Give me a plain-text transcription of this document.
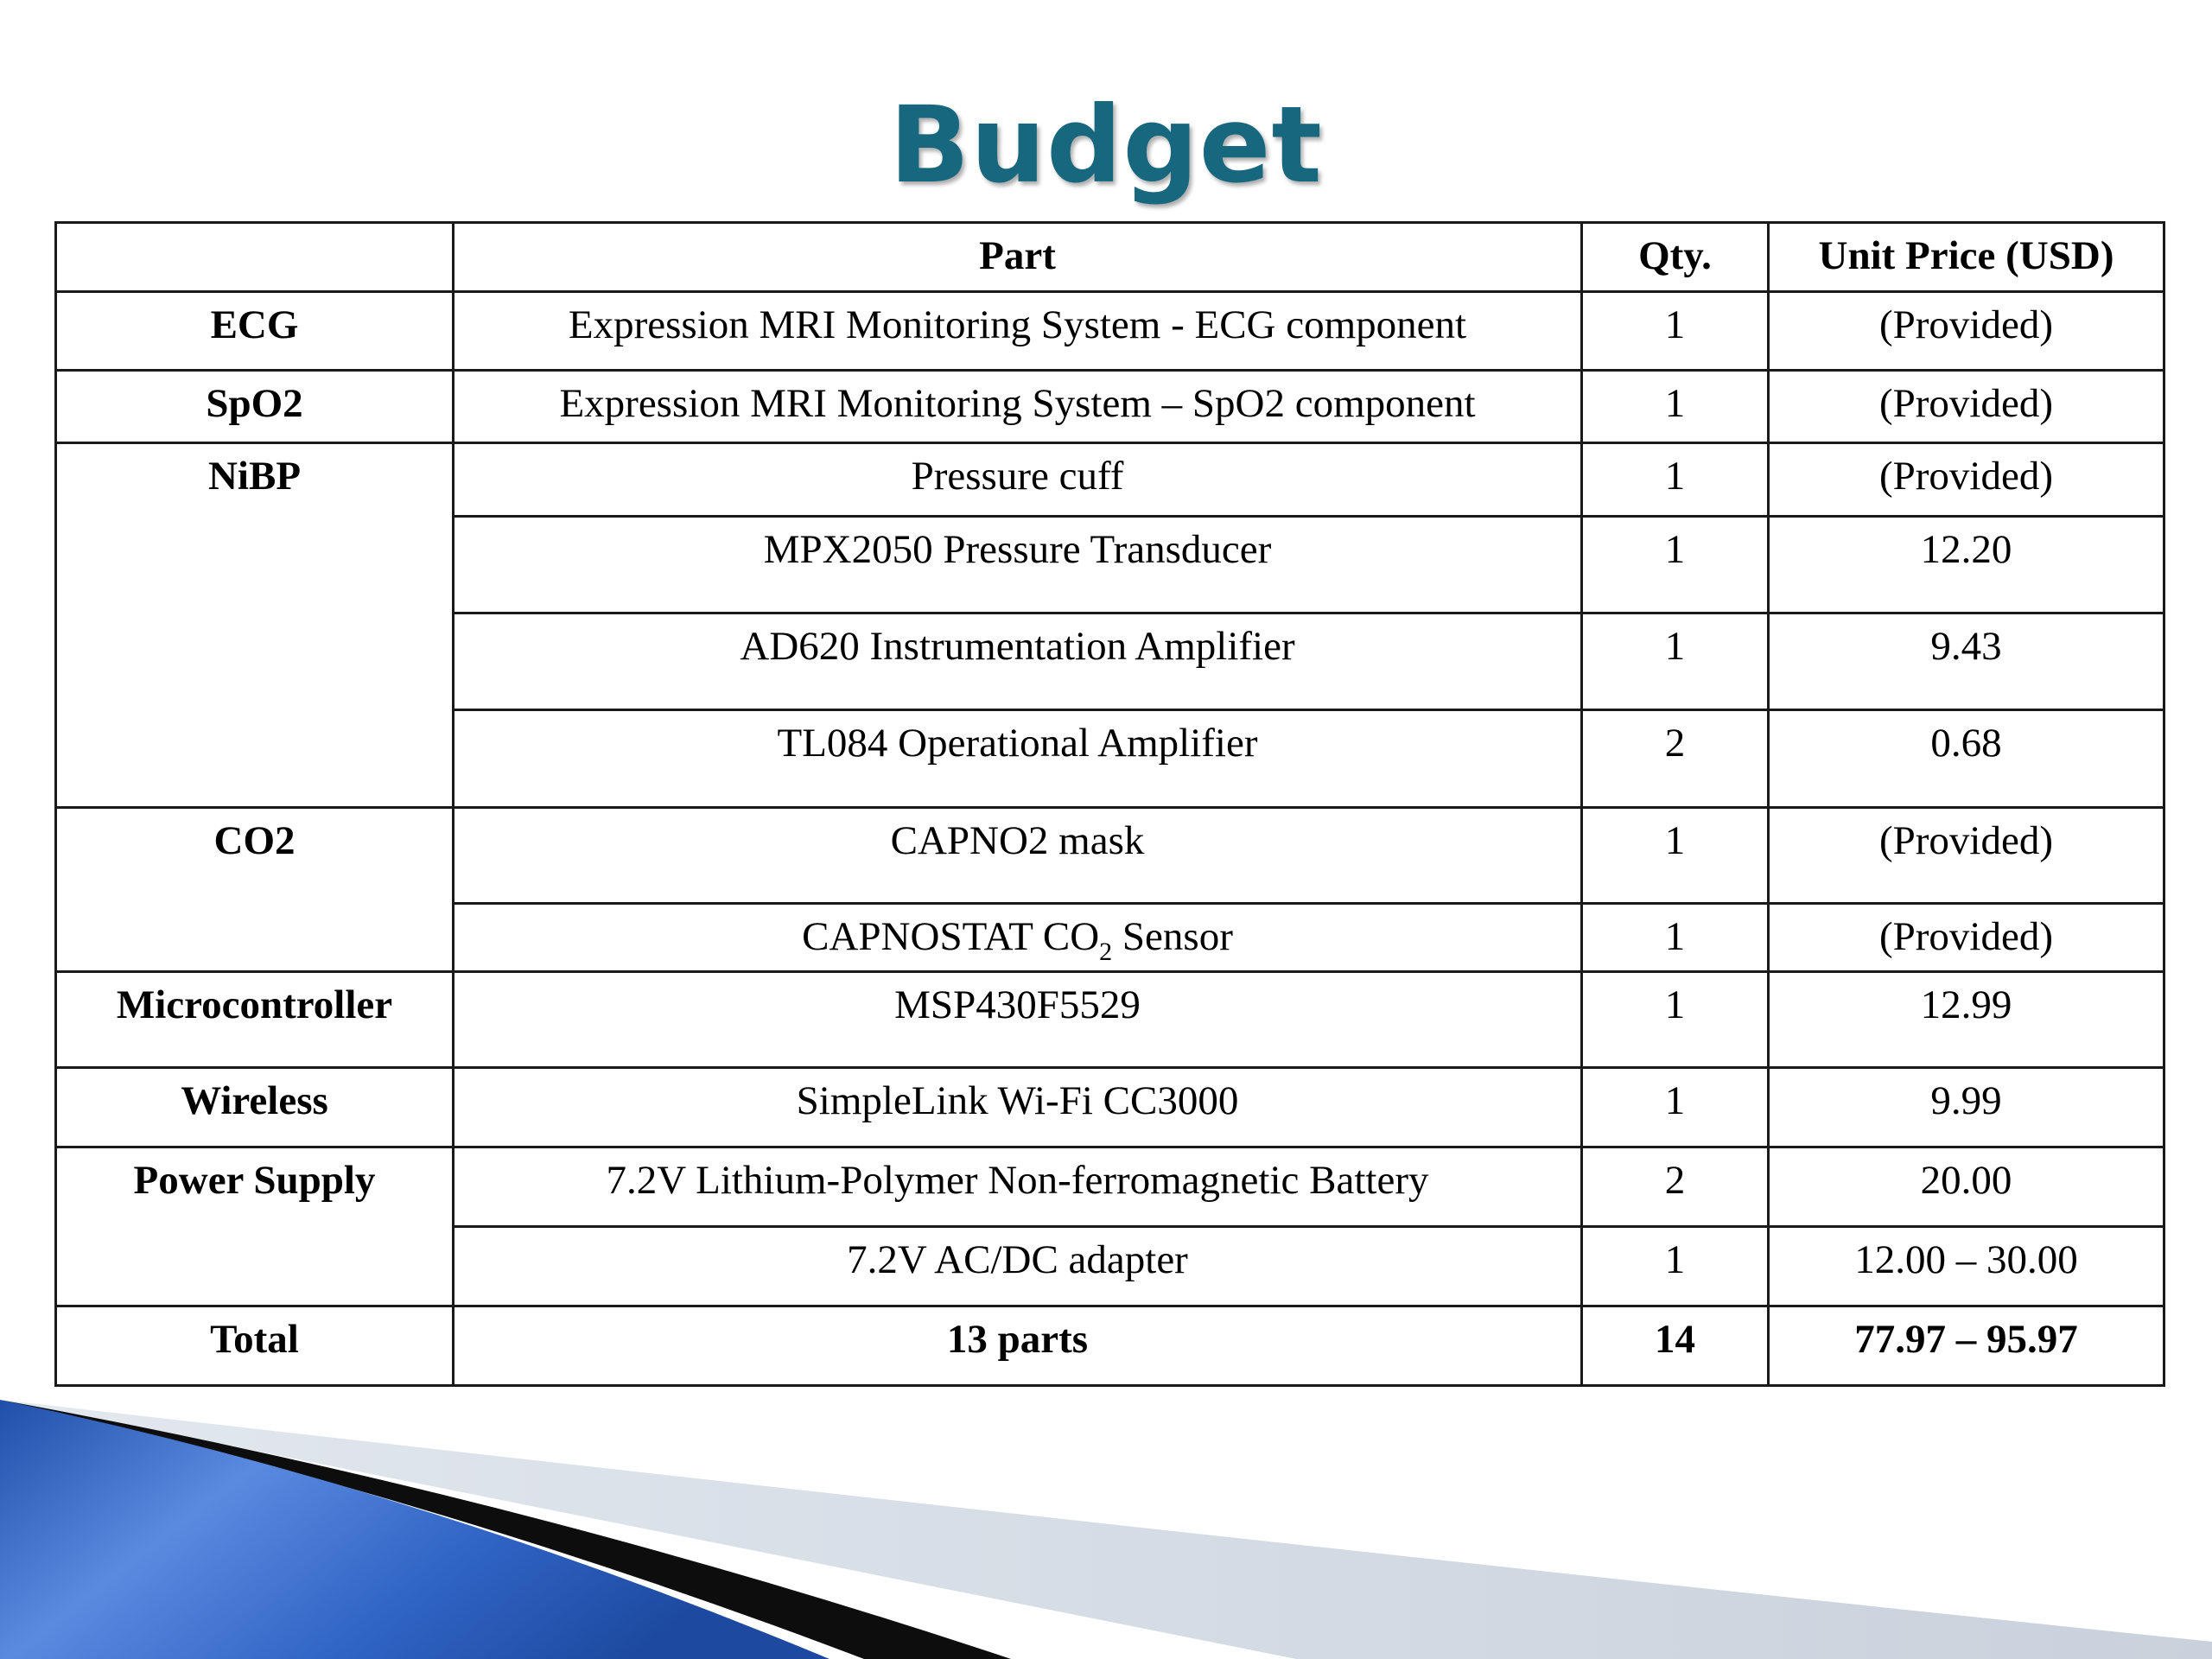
Budget
	Part	Qty.	Unit Price (USD)
ECG	Expression MRI Monitoring System - ECG component	1	(Provided)
SpO2	Expression MRI Monitoring System – SpO2 component	1	(Provided)
NiBP	Pressure cuff	1	(Provided)
	MPX2050 Pressure Transducer	1	12.20
	AD620 Instrumentation Amplifier	1	9.43
	TL084 Operational Amplifier	2	0.68
CO2	CAPNO2 mask	1	(Provided)
	CAPNOSTAT $CO_2$ Sensor	1	(Provided)
Microcontroller	MSP430F5529	1	12.99
Wireless	SimpleLink Wi-Fi CC3000	1	9.99
Power Supply	7.2V Lithium-Polymer Non-ferromagnetic Battery	2	20.00
	7.2V AC/DC adapter	1	12.00 – 30.00
Total	13 parts	14	77.97 – 95.97
